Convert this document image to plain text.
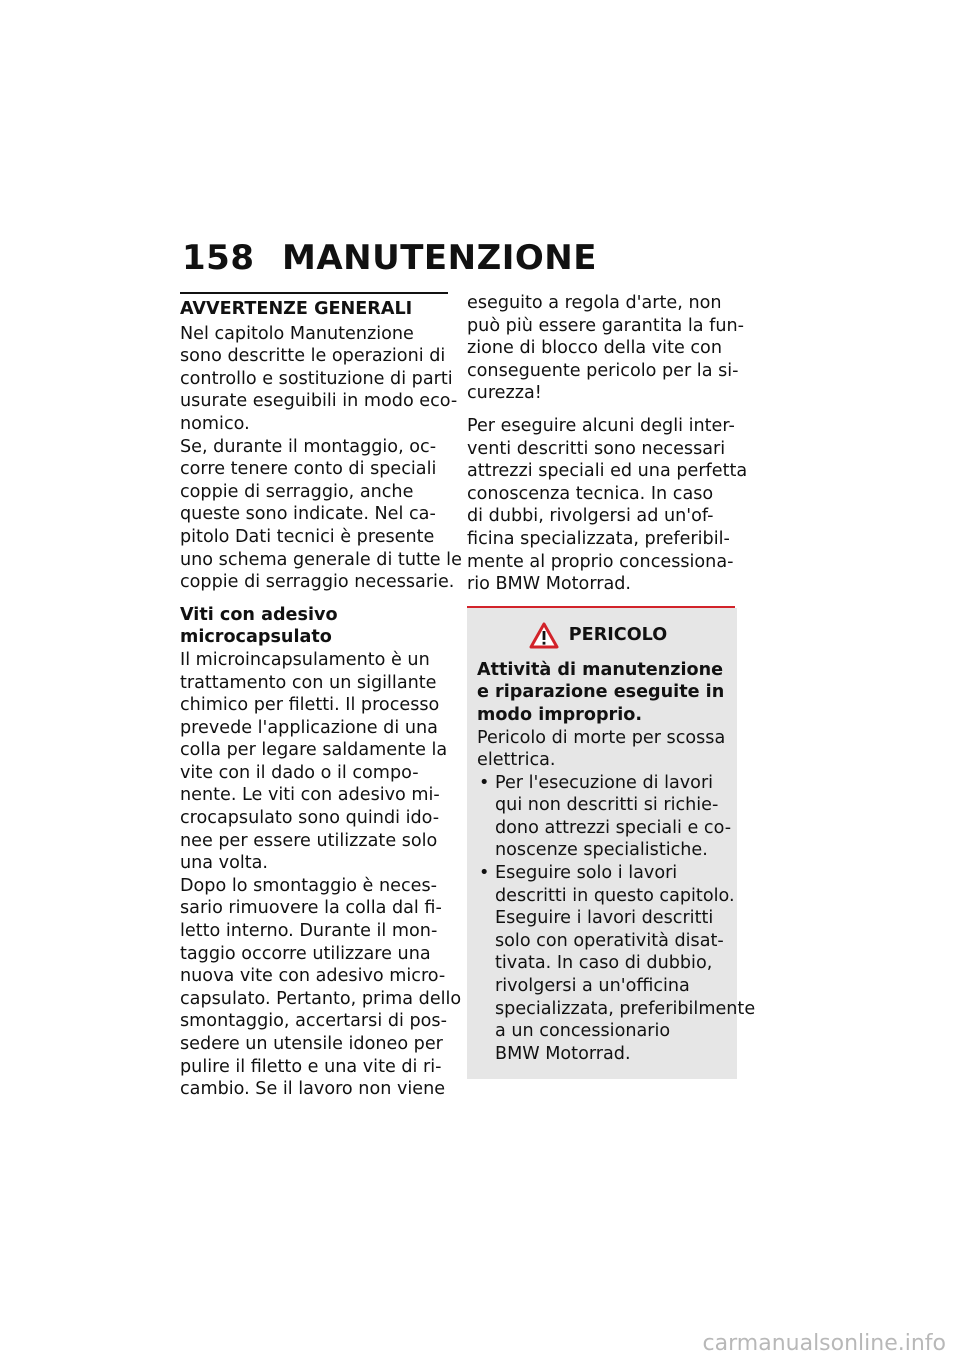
158 MANUTENZIONE
AVVERTENZE GENERALI
Nel capitolo Manutenzione
sono descritte le operazioni di
controllo e sostituzione di parti
usurate eseguibili in modo eco-
nomico.
Se, durante il montaggio, oc-
corre tenere conto di speciali
coppie di serraggio, anche
queste sono indicate. Nel ca-
pitolo Dati tecnici è presente
uno schema generale di tutte le
coppie di serraggio necessarie.
Viti con adesivo
microcapsulato
Il microincapsulamento è un
trattamento con un sigillante
chimico per filetti. Il processo
prevede l'applicazione di una
colla per legare saldamente la
vite con il dado o il compo-
nente. Le viti con adesivo mi-
crocapsulato sono quindi ido-
nee per essere utilizzate solo
una volta.
Dopo lo smontaggio è neces-
sario rimuovere la colla dal fi-
letto interno. Durante il mon-
taggio occorre utilizzare una
nuova vite con adesivo micro-
capsulato. Pertanto, prima dello
smontaggio, accertarsi di pos-
sedere un utensile idoneo per
pulire il filetto e una vite di ri-
cambio. Se il lavoro non viene
eseguito a regola d'arte, non
può più essere garantita la fun-
zione di blocco della vite con
conseguente pericolo per la si-
curezza!
Per eseguire alcuni degli inter-
venti descritti sono necessari
attrezzi speciali ed una perfetta
conoscenza tecnica. In caso
di dubbi, rivolgersi ad un'of-
ficina specializzata, preferibil-
mente al proprio concessiona-
rio BMW Motorrad.
PERICOLO
Attività di manutenzione
e riparazione eseguite in
modo improprio.
Pericolo di morte per scossa
elettrica.
• Per l'esecuzione di lavori
qui non descritti si richie-
dono attrezzi speciali e co-
noscenze specialistiche.
• Eseguire solo i lavori
descritti in questo capitolo.
Eseguire i lavori descritti
solo con operatività disat-
tivata. In caso di dubbio,
rivolgersi a un'officina
specializzata, preferibilmente
a un concessionario
BMW Motorrad.
carmanualsonline.info
